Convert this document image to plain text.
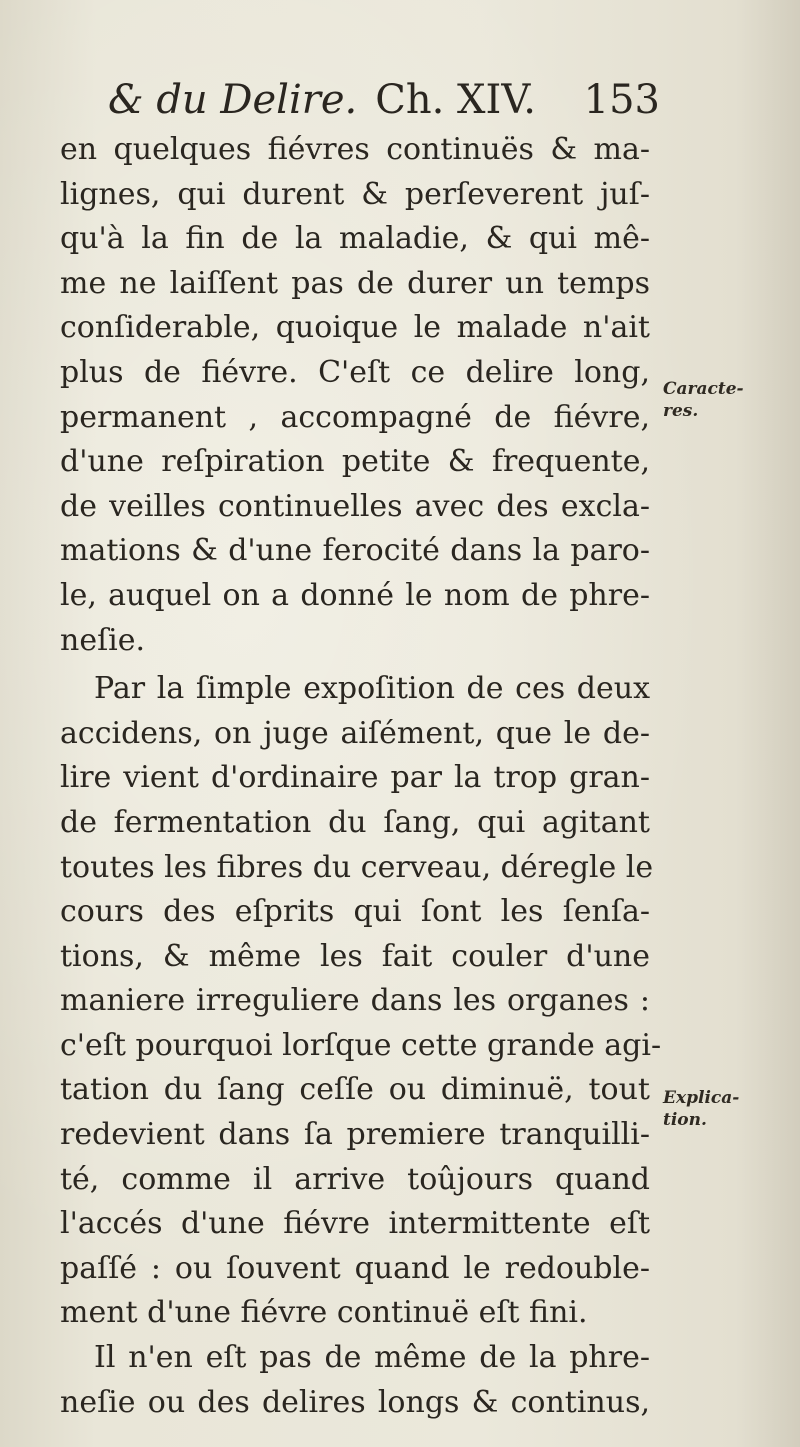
& du Delire. Ch. XIV. 153
en quelques fiévres continuës & ma-
lignes, qui durent & perſeverent juſ-
qu'à la fin de la maladie, & qui mê-
me ne laiſſent pas de durer un temps
conſiderable, quoique le malade n'ait
plus de fiévre. C'eſt ce delire long,
permanent , accompagné de fiévre,
d'une reſpiration petite & frequente,
de veilles continuelles avec des excla-
mations & d'une ferocité dans la paro-
le, auquel on a donné le nom de phre-
neſie.
Par la ſimple expoſition de ces deux
accidens, on juge aiſément, que le de-
lire vient d'ordinaire par la trop gran-
de fermentation du ſang, qui agitant
toutes les fibres du cerveau, déregle le
cours des eſprits qui ſont les ſenſa-
tions, & même les fait couler d'une
maniere irreguliere dans les organes :
c'eſt pourquoi lorſque cette grande agi-
tation du ſang ceſſe ou diminuë, tout
redevient dans ſa premiere tranquilli-
té, comme il arrive toûjours quand
l'accés d'une fiévre intermittente eſt
paſſé : ou ſouvent quand le redouble-
ment d'une fiévre continuë eſt fini.
Il n'en eſt pas de même de la phre-
neſie ou des delires longs & continus,
Caracte-
res.
Explica-
tion.
